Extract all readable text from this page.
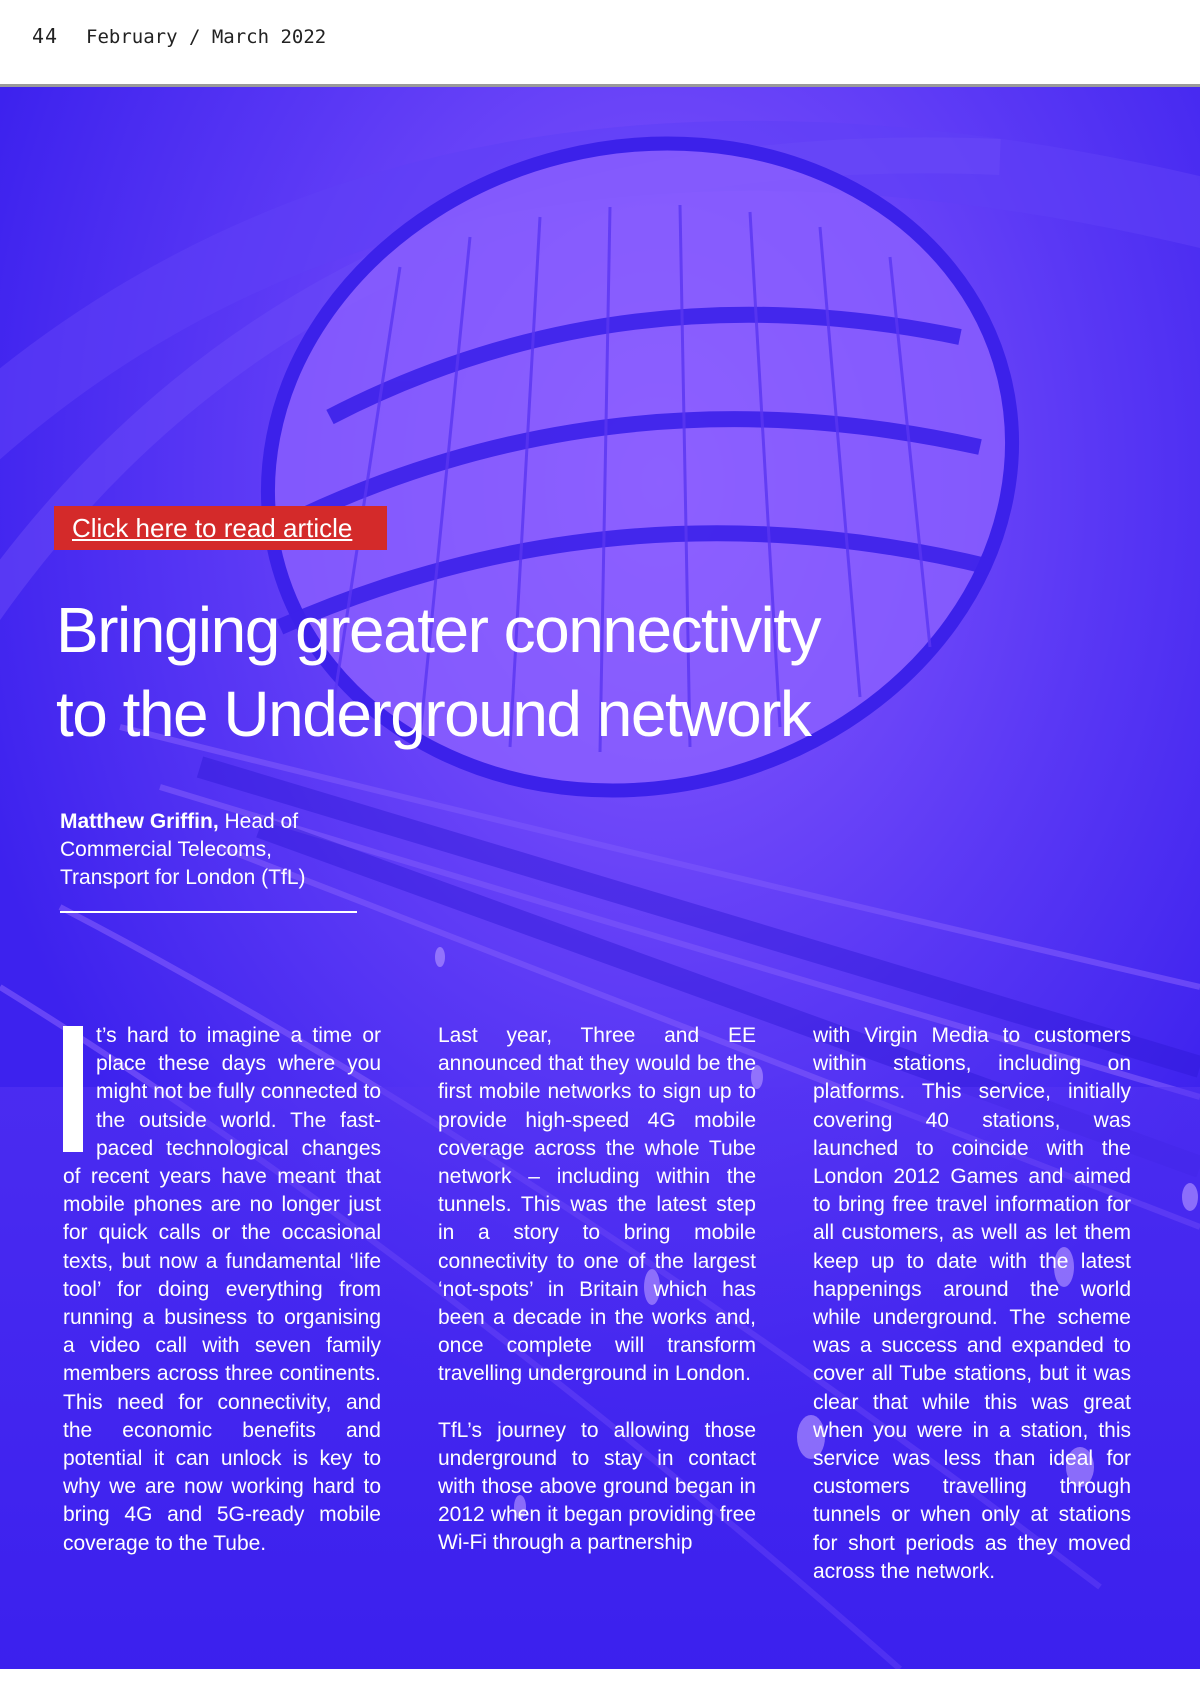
44 February / March 2022
Click here to read article
Bringing greater connectivity
to the Underground network
Matthew Griffin, Head of
Commercial Telecoms,
Transport for London (TfL)

t’s hard to imagine a time or place these days where you might not be fully connected to the outside world. The fast-paced technological changes of recent years have meant that mobile phones are no longer just for quick calls or the occasional texts, but now a fundamental ‘life tool’ for doing everything from running a business to organising a video call with seven family members across three continents. This need for connectivity, and the economic benefits and potential it can unlock is key to why we are now working hard to bring 4G and 5G-ready mobile coverage to the Tube.

Last year, Three and EE announced that they would be the first mobile networks to sign up to provide high-speed 4G mobile coverage across the whole Tube network – including within the tunnels. This was the latest step in a story to bring mobile connectivity to one of the largest ‘not-spots’ in Britain which has been a decade in the works and, once complete will transform travelling underground in London.

TfL’s journey to allowing those underground to stay in contact with those above ground began in 2012 when it began providing free Wi-Fi through a partnership

with Virgin Media to customers within stations, including on platforms. This service, initially covering 40 stations, was launched to coincide with the London 2012 Games and aimed to bring free travel information for all customers, as well as let them keep up to date with the latest happenings around the world while underground. The scheme was a success and expanded to cover all Tube stations, but it was clear that while this was great when you were in a station, this service was less than ideal for customers travelling through tunnels or when only at stations for short periods as they moved across the network.
